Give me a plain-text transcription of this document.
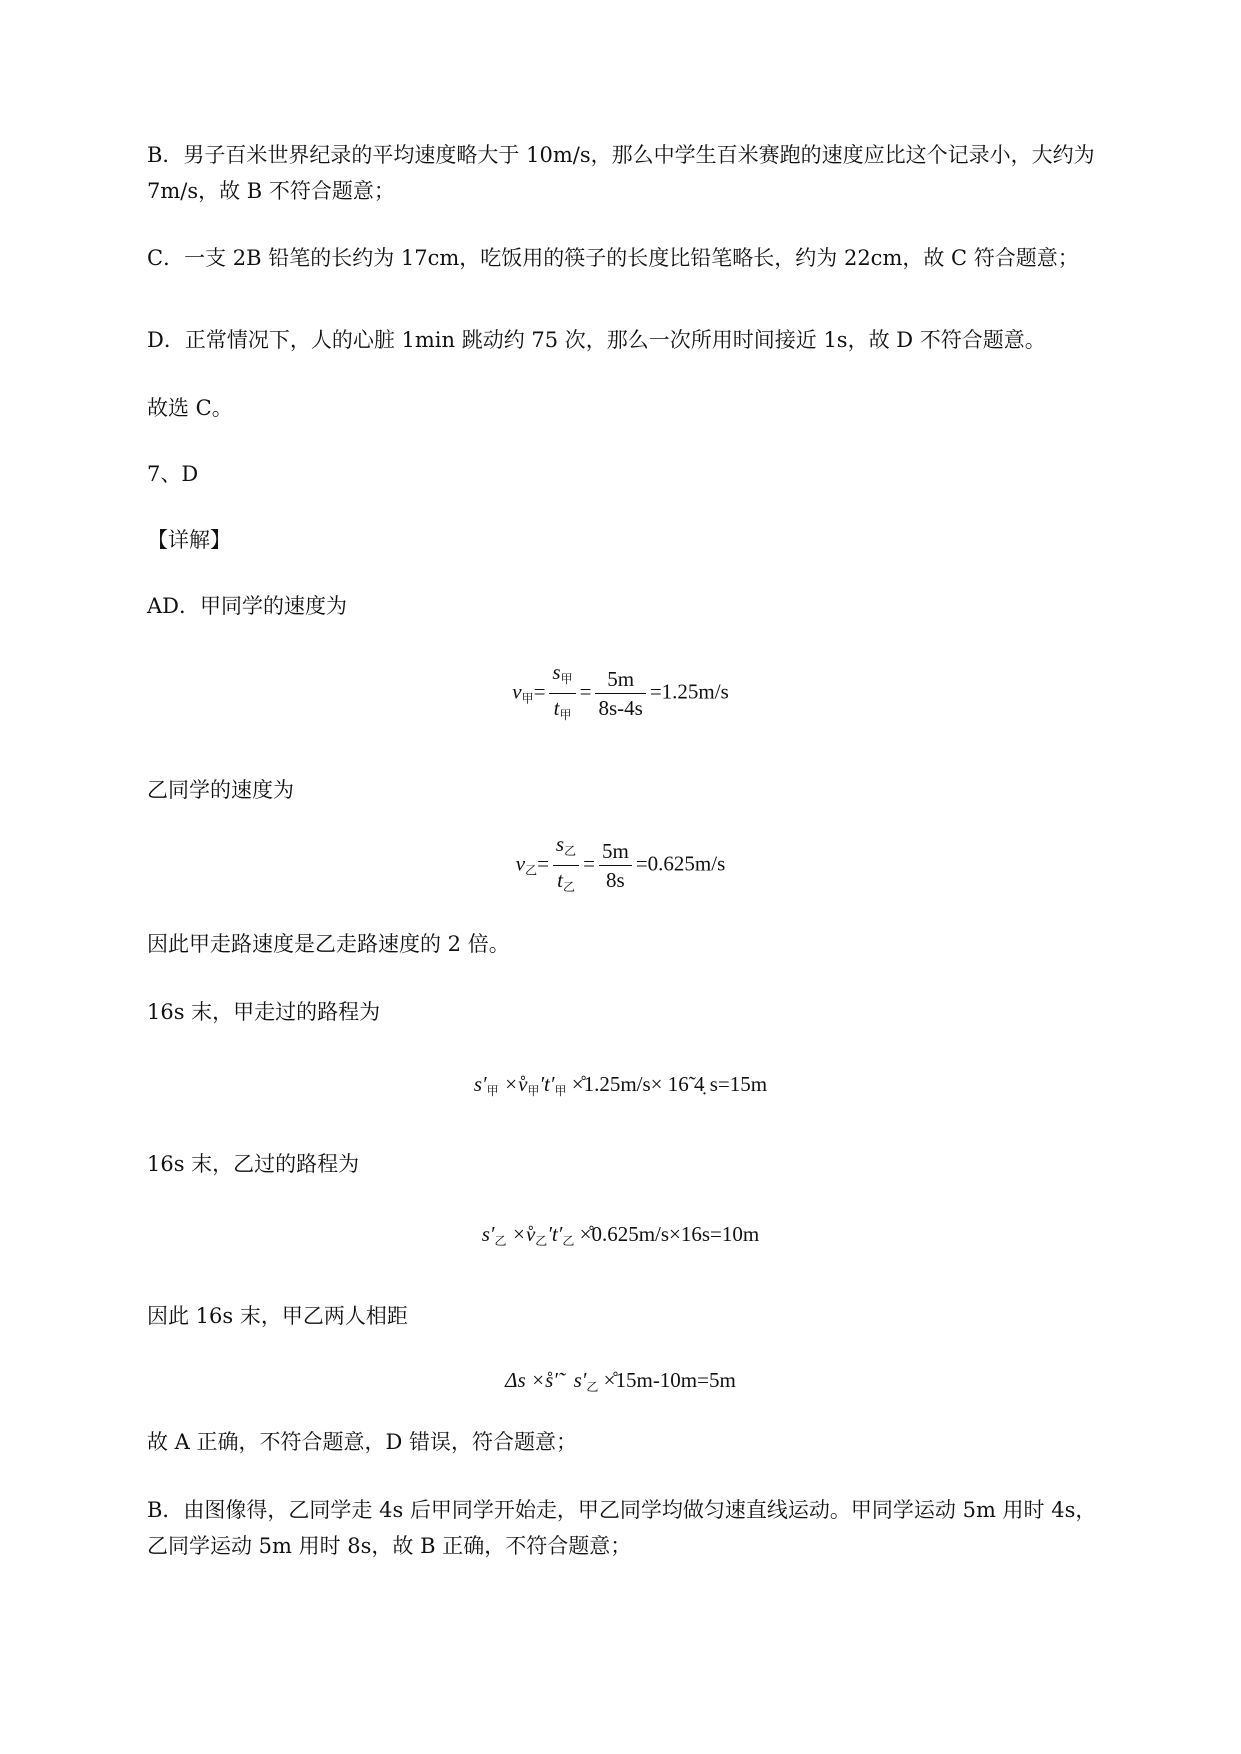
B．男子百米世界纪录的平均速度略大于 10m/s，那么中学生百米赛跑的速度应比这个记录小，大约为

7m/s，故 B 不符合题意；

C．一支 2B 铅笔的长约为 17cm，吃饭用的筷子的长度比铅笔略长，约为 22cm，故 C 符合题意；

D．正常情况下，人的心脏 1min 跳动约 75 次，那么一次所用时间接近 1s，故 D 不符合题意。

故选 C。

7、D

【详解】

AD．甲同学的速度为

$v_甲= \frac{s_甲}{t_甲} = \frac{5m}{8s-4s} =1.25m/s$

乙同学的速度为

$v_乙= \frac{s_乙}{t_乙} = \frac{5m}{8s} =0.625m/s$

因此甲走路速度是乙走路速度的 2 倍。

16s 末，甲走过的路程为

$s'_甲$ $\times̊v_甲't'_甲$ ×̊1.25m/s× 16̃ 4̣ s=15m

16s 末，乙过的路程为

$s'_乙$ $\times̊v_乙't'_乙$ ×̊0.625m/s×16s=10m

因此 16s 末，甲乙两人相距

Δs ×̊s′̃   $s'_乙$ ×̊15m-10m=5m

故 A 正确，不符合题意，D 错误，符合题意；

B．由图像得，乙同学走 4s 后甲同学开始走，甲乙同学均做匀速直线运动。甲同学运动 5m 用时 4s，

乙同学运动 5m 用时 8s，故 B 正确，不符合题意；
